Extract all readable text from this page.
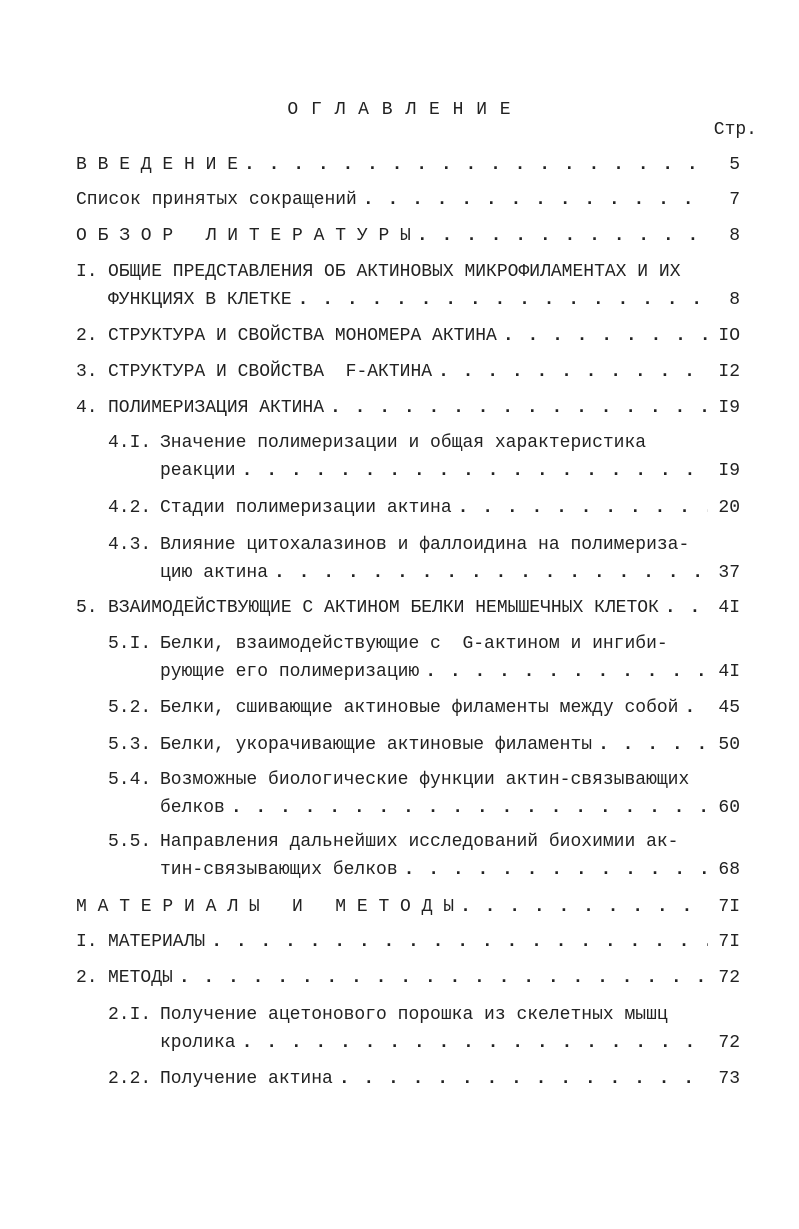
О Г Л А В Л Е Н И Е
Стр.
В В Е Д Е Н И Е . . .	5
Список принятых сокращений . . .	7
О Б З О Р   Л И Т Е Р А Т У Р Ы . . .	8
I. ОБЩИЕ ПРЕДСТАВЛЕНИЯ ОБ АКТИНОВЫХ МИКРОФИЛАМЕНТАХ И ИХ
ФУНКЦИЯХ В КЛЕТКЕ . . .	8
2. СТРУКТУРА И СВОЙСТВА МОНОМЕРА АКТИНА . . .	IO
3. СТРУКТУРА И СВОЙСТВА  F-АКТИНА . . .	I2
4. ПОЛИМЕРИЗАЦИЯ АКТИНА . . .	I9
4.I. Значение полимеризации и общая характеристика
реакции . . .	I9
4.2. Стадии полимеризации актина . . .	20
4.3. Влияние цитохалазинов и фаллоидина на полимериза-
цию актина . . .	37
5. ВЗАИМОДЕЙСТВУЮЩИЕ С АКТИНОМ БЕЛКИ НЕМЫШЕЧНЫХ КЛЕТОК . . .	4I
5.I. Белки, взаимодействующие с  G-актином и ингиби-
рующие его полимеризацию . . .	4I
5.2. Белки, сшивающие актиновые филаменты между собой . . . 45
5.3. Белки, укорачивающие актиновые филаменты . . .	50
5.4. Возможные биологические функции актин-связывающих
белков . . .	60
5.5. Направления дальнейших исследований биохимии ак-
тин-связывающих белков . . .	68
М А Т Е Р И А Л Ы   И   М Е Т О Д Ы . . .	7I
I. МАТЕРИАЛЫ . . .	7I
2. МЕТОДЫ . . .	72
2.I. Получение ацетонового порошка из скелетных мышц
кролика . . .	72
2.2. Получение актина . . .	73
